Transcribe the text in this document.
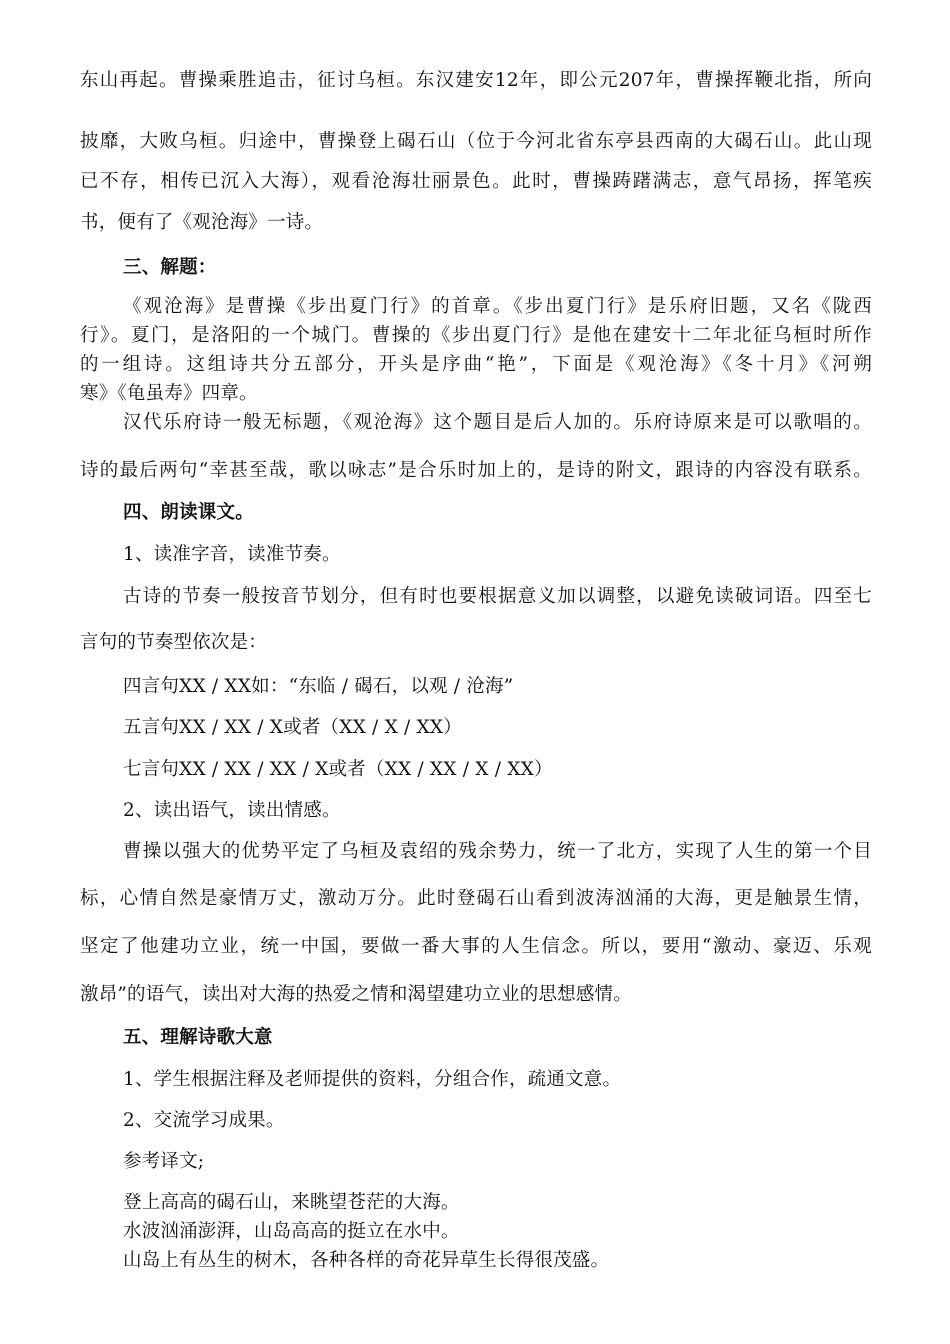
东山再起。曹操乘胜追击，征讨乌桓。东汉建安12年，即公元207年，曹操挥鞭北指，所向
披靡，大败乌桓。归途中，曹操登上碣石山（位于今河北省东亭县西南的大碣石山。此山现
已不存，相传已沉入大海），观看沧海壮丽景色。此时，曹操踌躇满志，意气昂扬，挥笔疾
书，便有了《观沧海》一诗。
三、解题：
《观沧海》是曹操《步出夏门行》的首章。《步出夏门行》是乐府旧题，又名《陇西
行》。夏门，是洛阳的一个城门。曹操的《步出夏门行》是他在建安十二年北征乌桓时所作
的一组诗。这组诗共分五部分，开头是序曲“艳”，下面是《观沧海》《冬十月》《河朔
寒》《龟虽寿》四章。
汉代乐府诗一般无标题，《观沧海》这个题目是后人加的。乐府诗原来是可以歌唱的。
诗的最后两句“幸甚至哉，歌以咏志”是合乐时加上的，是诗的附文，跟诗的内容没有联系。
四、朗读课文。
1、读准字音，读准节奏。
古诗的节奏一般按音节划分，但有时也要根据意义加以调整，以避免读破词语。四至七
言句的节奏型依次是：
四言句XX / XX如：“东临 / 碣石，以观 / 沧海”
五言句XX / XX / X或者（XX / X / XX）
七言句XX / XX / XX / X或者（XX / XX / X / XX）
2、读出语气，读出情感。
曹操以强大的优势平定了乌桓及袁绍的残余势力，统一了北方，实现了人生的第一个目
标，心情自然是豪情万丈，激动万分。此时登碣石山看到波涛汹涌的大海，更是触景生情，
坚定了他建功立业，统一中国，要做一番大事的人生信念。所以，要用“激动、豪迈、乐观
激昂”的语气，读出对大海的热爱之情和渴望建功立业的思想感情。
五、理解诗歌大意
1、学生根据注释及老师提供的资料，分组合作，疏通文意。
2、交流学习成果。
参考译文;
登上高高的碣石山，来眺望苍茫的大海。
水波汹涌澎湃，山岛高高的挺立在水中。
山岛上有丛生的树木，各种各样的奇花异草生长得很茂盛。
